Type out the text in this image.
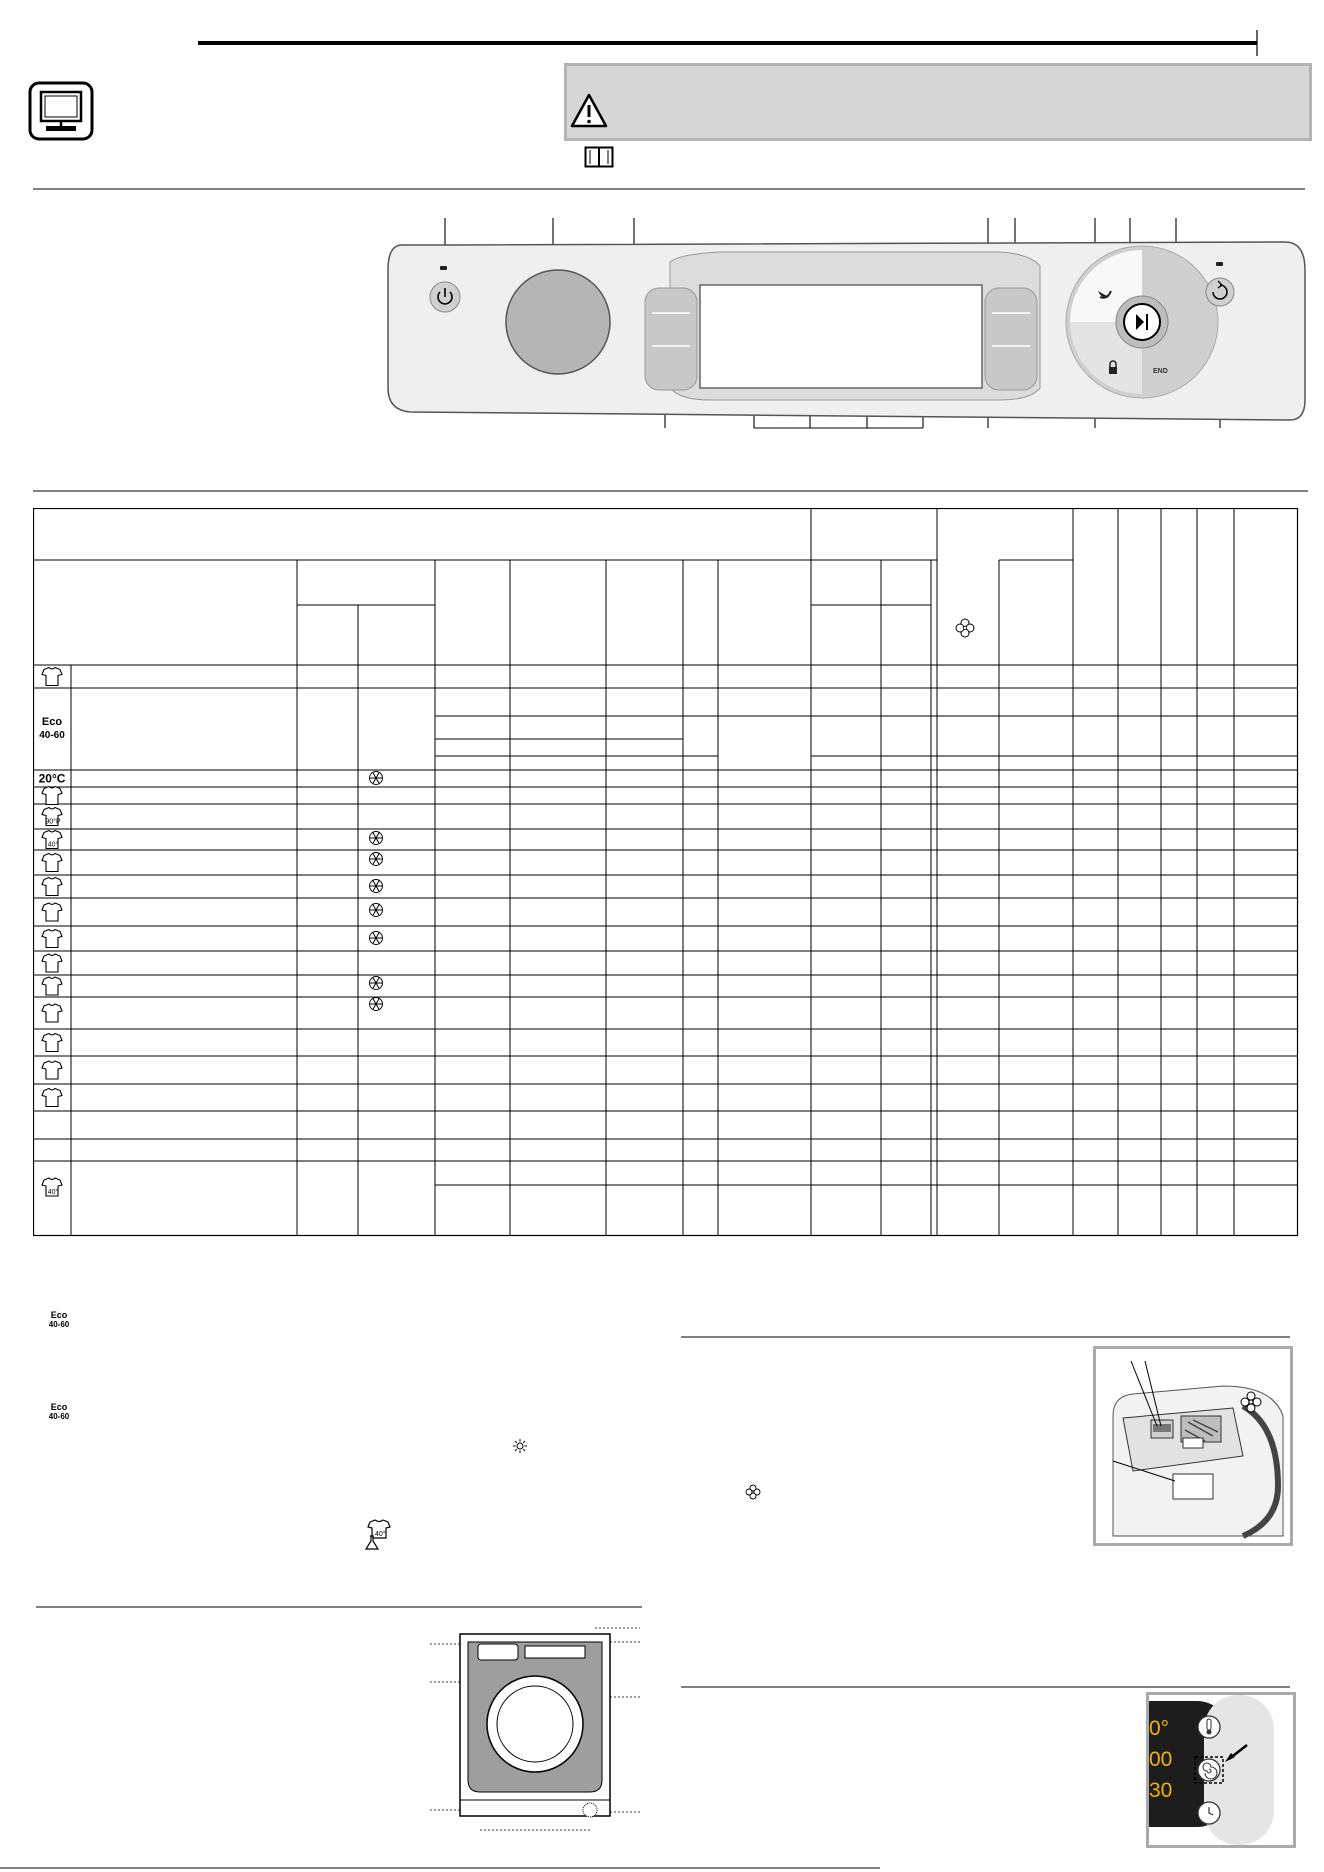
END
Eco
40-60
20°C
90°P
40°
40°
Eco
40-60
Eco
40-60
40°
0°
00
30
